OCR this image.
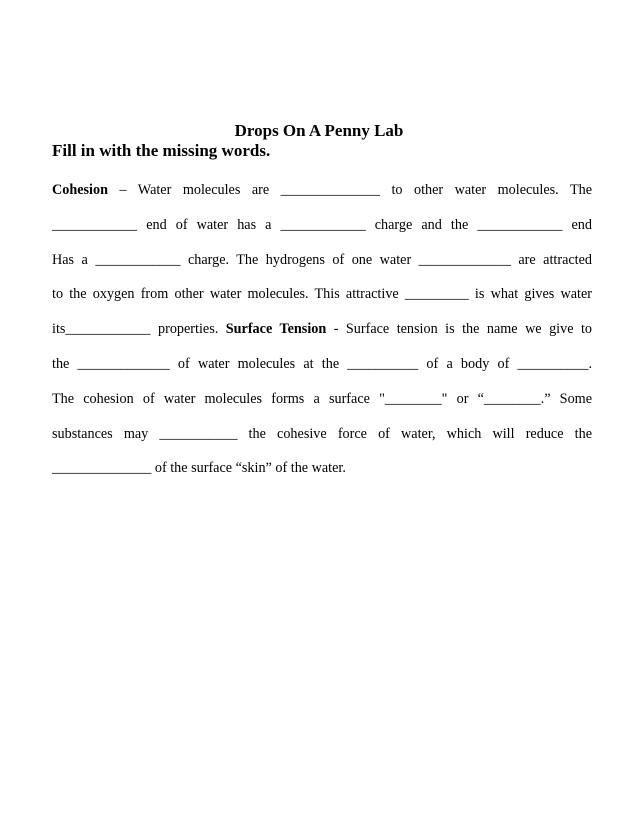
Drops On A Penny Lab
Fill in with the missing words.
Cohesion – Water molecules are ______________ to other water molecules. The
____________ end of water has a ____________ charge and the ____________ end
Has a ____________ charge. The hydrogens of one water _____________ are attracted
to the oxygen from other water molecules. This attractive _________ is what gives water
its____________ properties. Surface Tension - Surface tension is the name we give to
the _____________ of water molecules at the __________ of a body of __________.
The cohesion of water molecules forms a surface "________" or “________.” Some
substances may ___________ the cohesive force of water, which will reduce the
______________ of the surface “skin” of the water.
